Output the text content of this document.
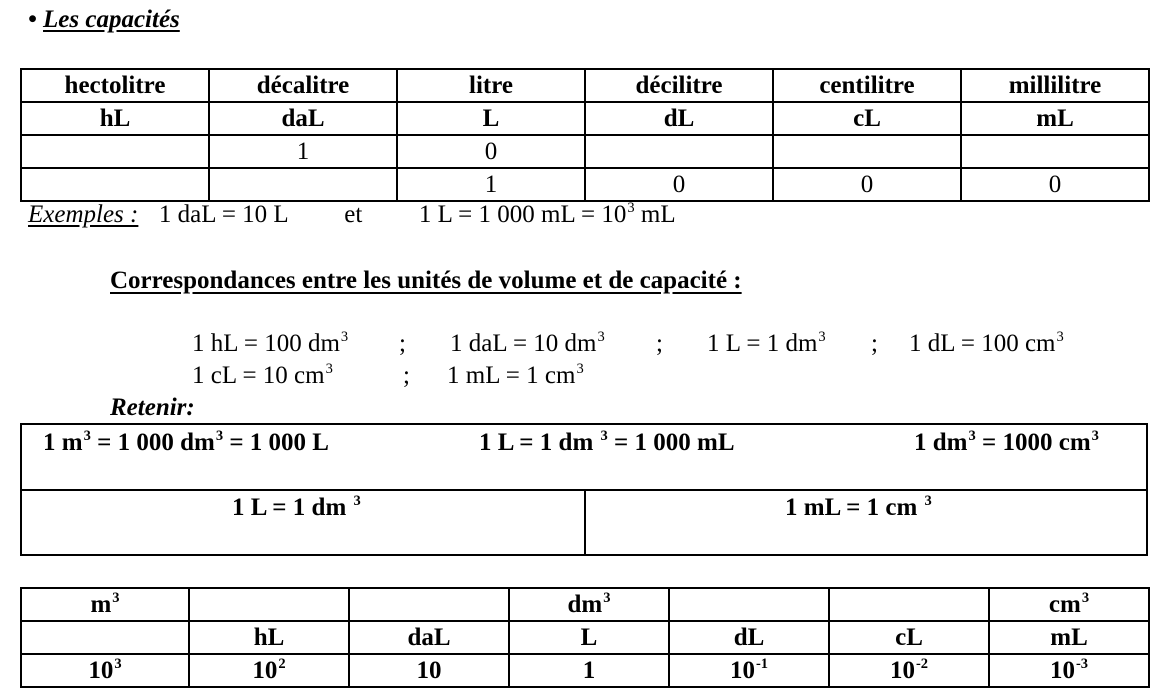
• Les capacités
hectolitre	décalitre	litre	décilitre	centilitre	millilitre
hL	daL	L	dL	cL	mL
	1	0			
		1	0	0	0
Exemples : 1 daL = 10 L et 1 L = 1 000 mL = $10^3$ mL
Correspondances entre les unités de volume et de capacité :
1 hL = 100 $dm^3$ ; 1 daL = 10 $dm^3$ ; 1 L = 1 $dm^3$ ; 1 dL = 100 $cm^3$
1 cL = 10 $cm^3$	; 1 mL = 1 $cm^3$
Retenir:
1 $m^3 = 1$ 000 $dm^3 = 1$ 000 L	1 L = 1 dm $^3$ = 1 000 mL	1 $dm^3 = 1000$ $cm^3$
1 L = 1 dm $^3$	1 mL = 1 cm $^3$
$m^3$			$dm^3$			$cm^3$
	hL	daL	L	dL	cL	mL
$10^3$	$10^2$	10	1	$10^{-1}$	$10^{-2}$	$10^{-3}$
